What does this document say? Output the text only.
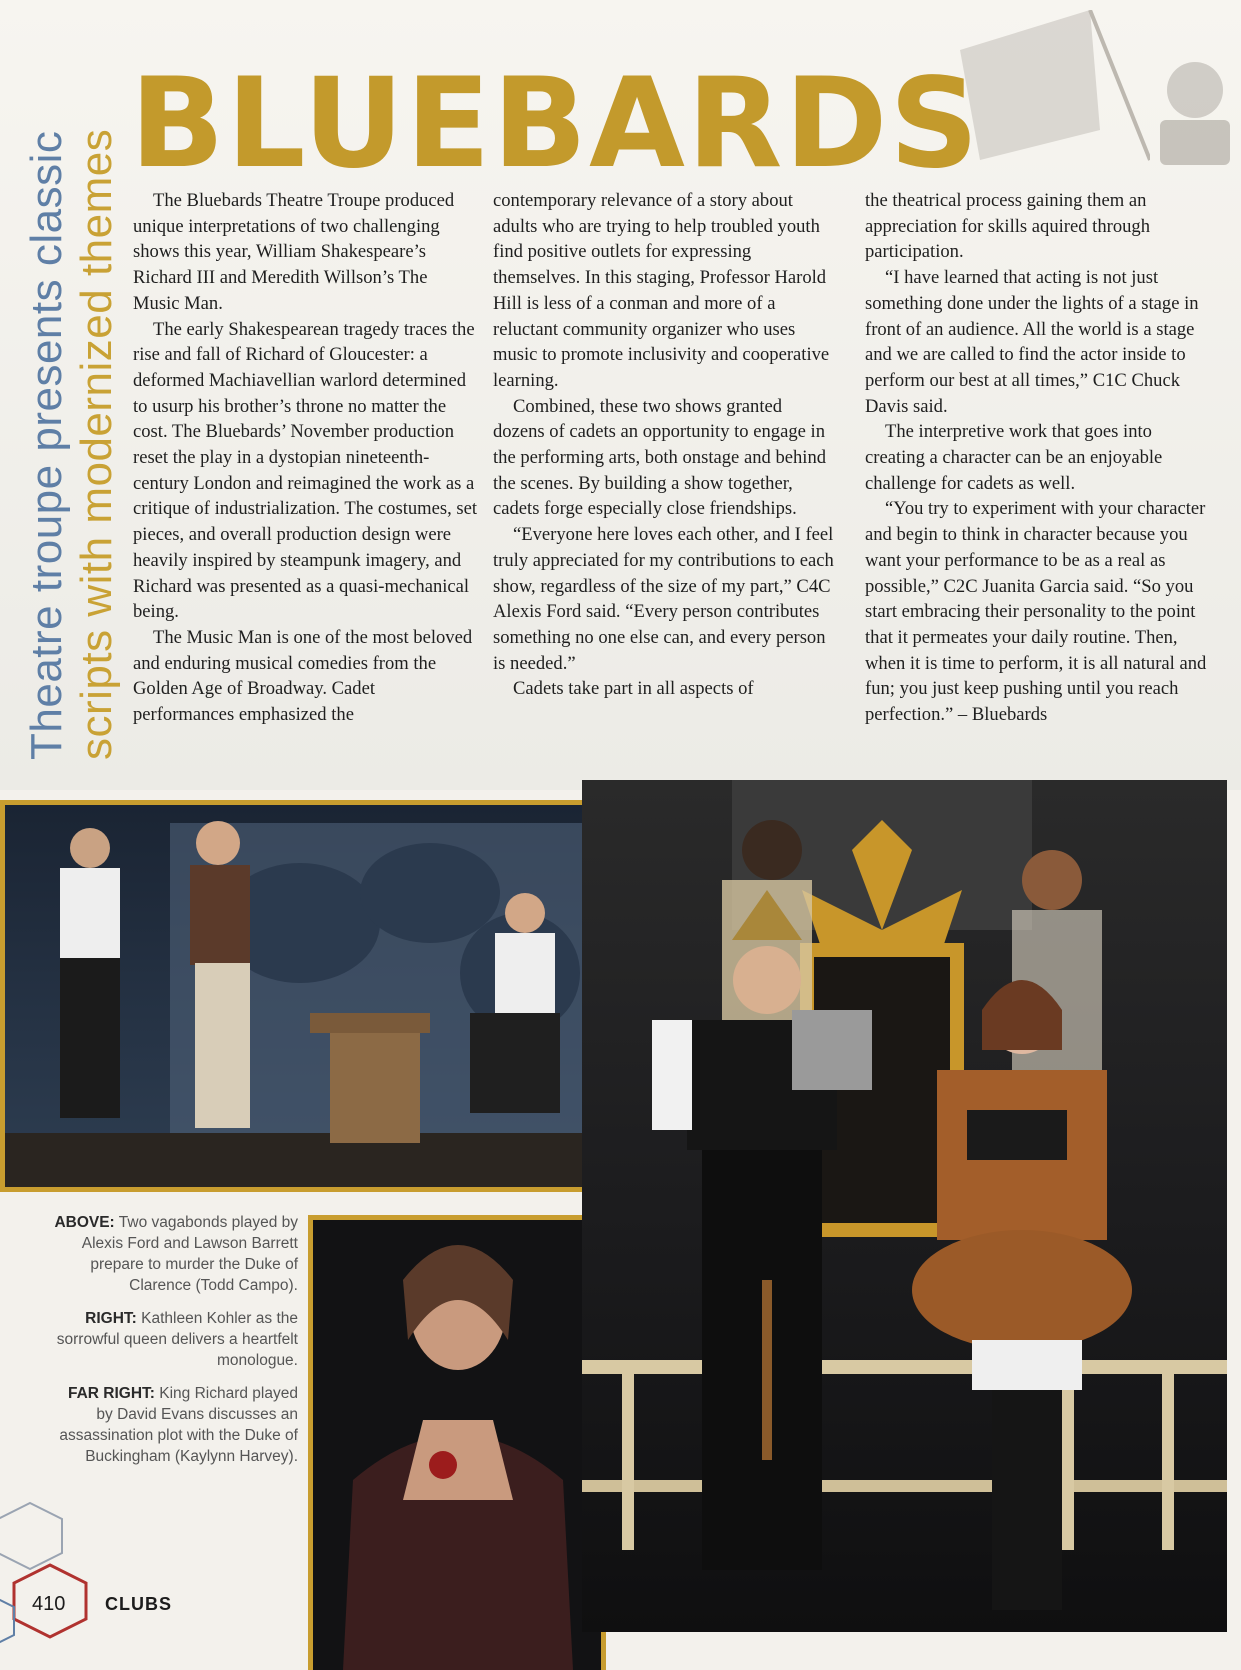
Theatre troupe presents classic scripts with modernized themes
BLUEBARDS

The Bluebards Theatre Troupe produced unique interpretations of two challenging shows this year, William Shakespeare’s Richard III and Meredith Willson’s The Music Man.

The early Shakespearean tragedy traces the rise and fall of Richard of Gloucester: a deformed Machiavellian warlord determined to usurp his brother’s throne no matter the cost. The Bluebards’ November production reset the play in a dystopian nineteenth-century London and reimagined the work as a critique of industrialization. The costumes, set pieces, and overall production design were heavily inspired by steampunk imagery, and Richard was presented as a quasi-mechanical being.

The Music Man is one of the most beloved and enduring musical comedies from the Golden Age of Broadway. Cadet performances emphasized the

contemporary relevance of a story about adults who are trying to help troubled youth find positive outlets for expressing themselves. In this staging, Professor Harold Hill is less of a conman and more of a reluctant community organizer who uses music to promote inclusivity and cooperative learning.

Combined, these two shows granted dozens of cadets an opportunity to engage in the performing arts, both onstage and behind the scenes. By building a show together, cadets forge especially close friendships.

“Everyone here loves each other, and I feel truly appreciated for my contributions to each show, regardless of the size of my part,” C4C Alexis Ford said. “Every person contributes something no one else can, and every person is needed.”

Cadets take part in all aspects of

the theatrical process gaining them an appreciation for skills aquired through participation.

“I have learned that acting is not just something done under the lights of a stage in front of an audience. All the world is a stage and we are called to find the actor inside to perform our best at all times,” C1C Chuck Davis said.

The interpretive work that goes into creating a character can be an enjoyable challenge for cadets as well.

“You try to experiment with your character and begin to think in character because you want your performance to be as a real as possible,” C2C Juanita Garcia said. “So you start embracing their personality to the point that it permeates your daily routine. Then, when it is time to perform, it is all natural and fun; you just keep pushing until you reach perfection.” – Bluebards

ABOVE: Two vagabonds played by Alexis Ford and Lawson Barrett prepare to murder the Duke of Clarence (Todd Campo).

RIGHT: Kathleen Kohler as the sorrowful queen delivers a heartfelt monologue.

FAR RIGHT: King Richard played by David Evans discusses an assassination plot with the Duke of Buckingham (Kaylynn Harvey).

410 CLUBS
